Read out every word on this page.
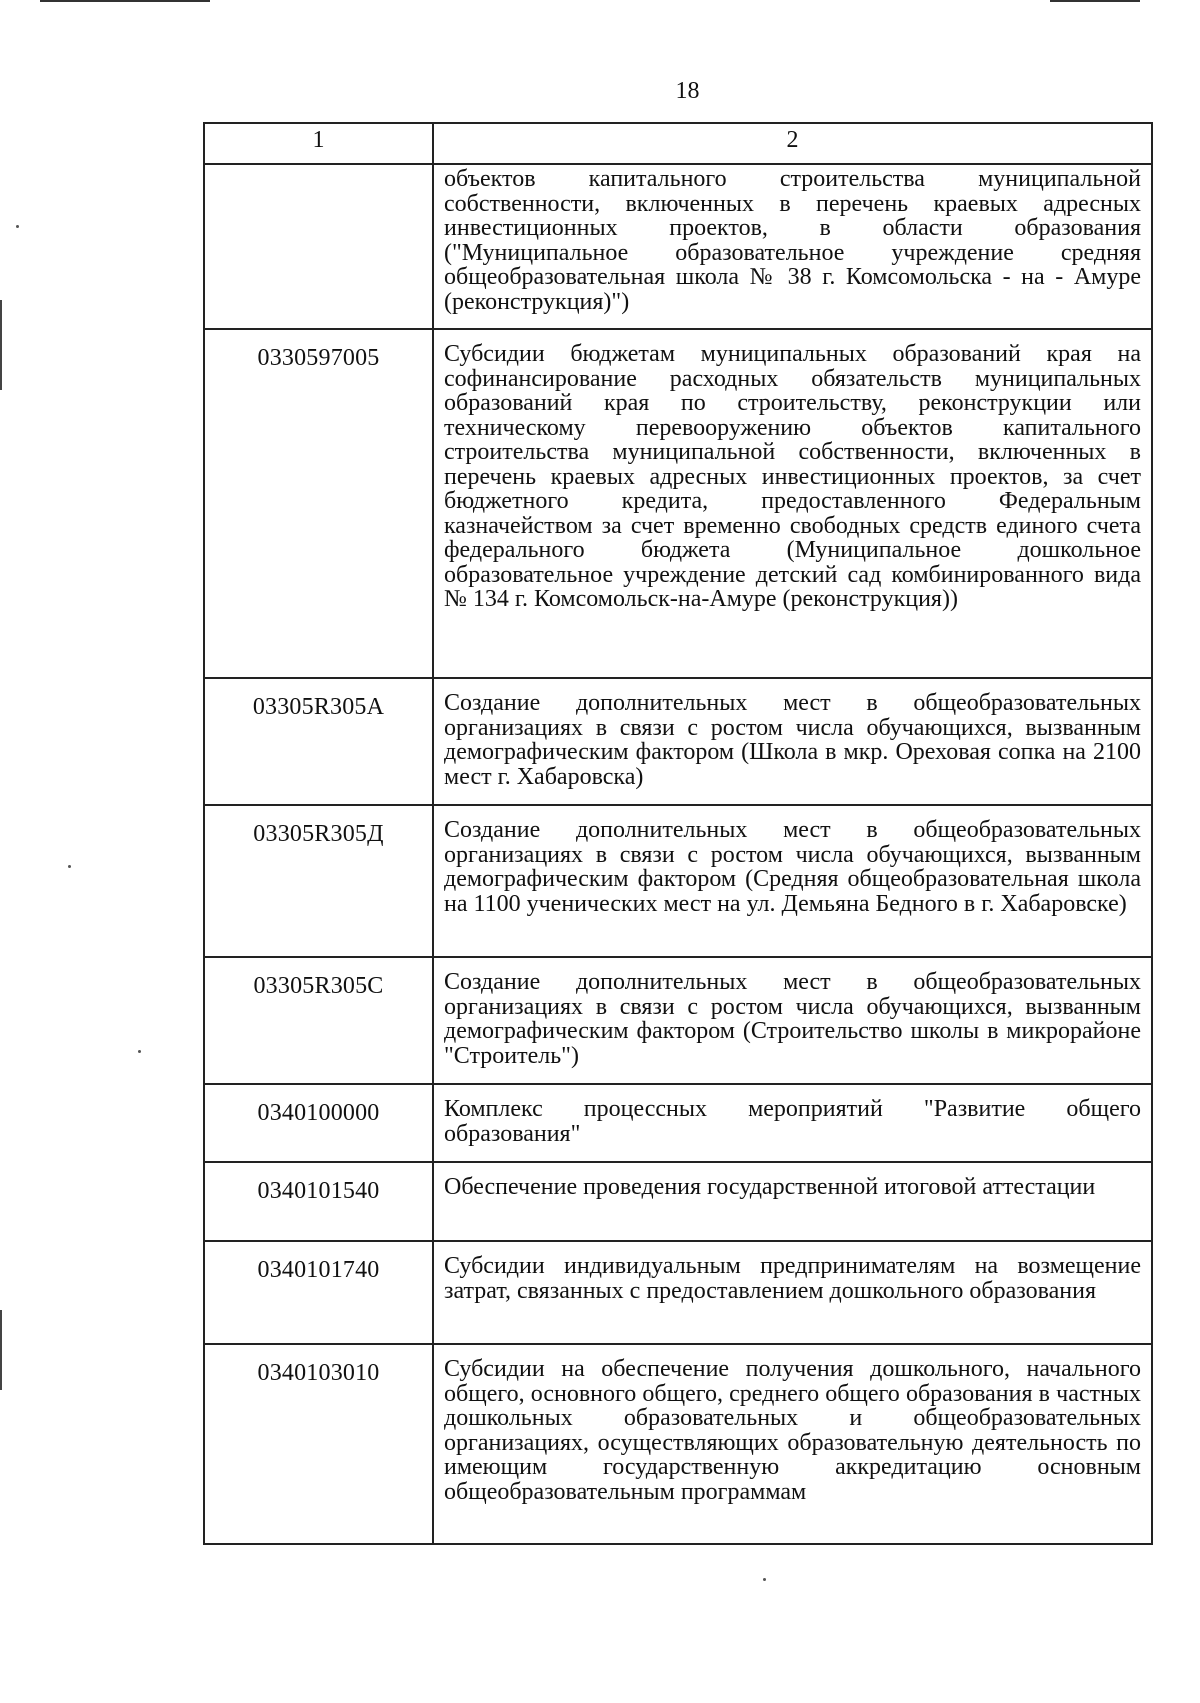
18
1	2
	объектов капитального строительства муниципальной собственности, включенных в перечень краевых адресных инвестиционных проектов, в области образования ("Муниципальное образовательное учреждение средняя общеобразовательная школа № 38 г. Комсомольска - на - Амуре (реконструкция)")
0330597005	Субсидии бюджетам муниципальных образований края на софинансирование расходных обязательств муниципальных образований края по строительству, реконструкции или техническому перевооружению объектов капитального строительства муниципальной собственности, включенных в перечень краевых адресных инвестиционных проектов, за счет бюджетного кредита, предоставленного Федеральным казначейством за счет временно свободных средств единого счета федерального бюджета (Муниципальное дошкольное образовательное учреждение детский сад комбинированного вида № 134 г. Комсомольск-на-Амуре (реконструкция))
03305R305A	Создание дополнительных мест в общеобразовательных организациях в связи с ростом числа обучающихся, вызванным демографическим фактором (Школа в мкр. Ореховая сопка на 2100 мест г. Хабаровска)
03305R305Д	Создание дополнительных мест в общеобразовательных организациях в связи с ростом числа обучающихся, вызванным демографическим фактором (Средняя общеобразовательная школа на 1100 ученических мест на ул. Демьяна Бедного в г. Хабаровске)
03305R305C	Создание дополнительных мест в общеобразовательных организациях в связи с ростом числа обучающихся, вызванным демографическим фактором (Строительство школы в микрорайоне "Строитель")
0340100000	Комплекс процессных мероприятий "Развитие общего образования"
0340101540	Обеспечение проведения государственной итоговой аттестации
0340101740	Субсидии индивидуальным предпринимателям на возмещение затрат, связанных с предоставлением дошкольного образования
0340103010	Субсидии на обеспечение получения дошкольного, начального общего, основного общего, среднего общего образования в частных дошкольных образовательных и общеобразовательных организациях, осуществляющих образовательную деятельность по имеющим государственную аккредитацию основным общеобразовательным программам
